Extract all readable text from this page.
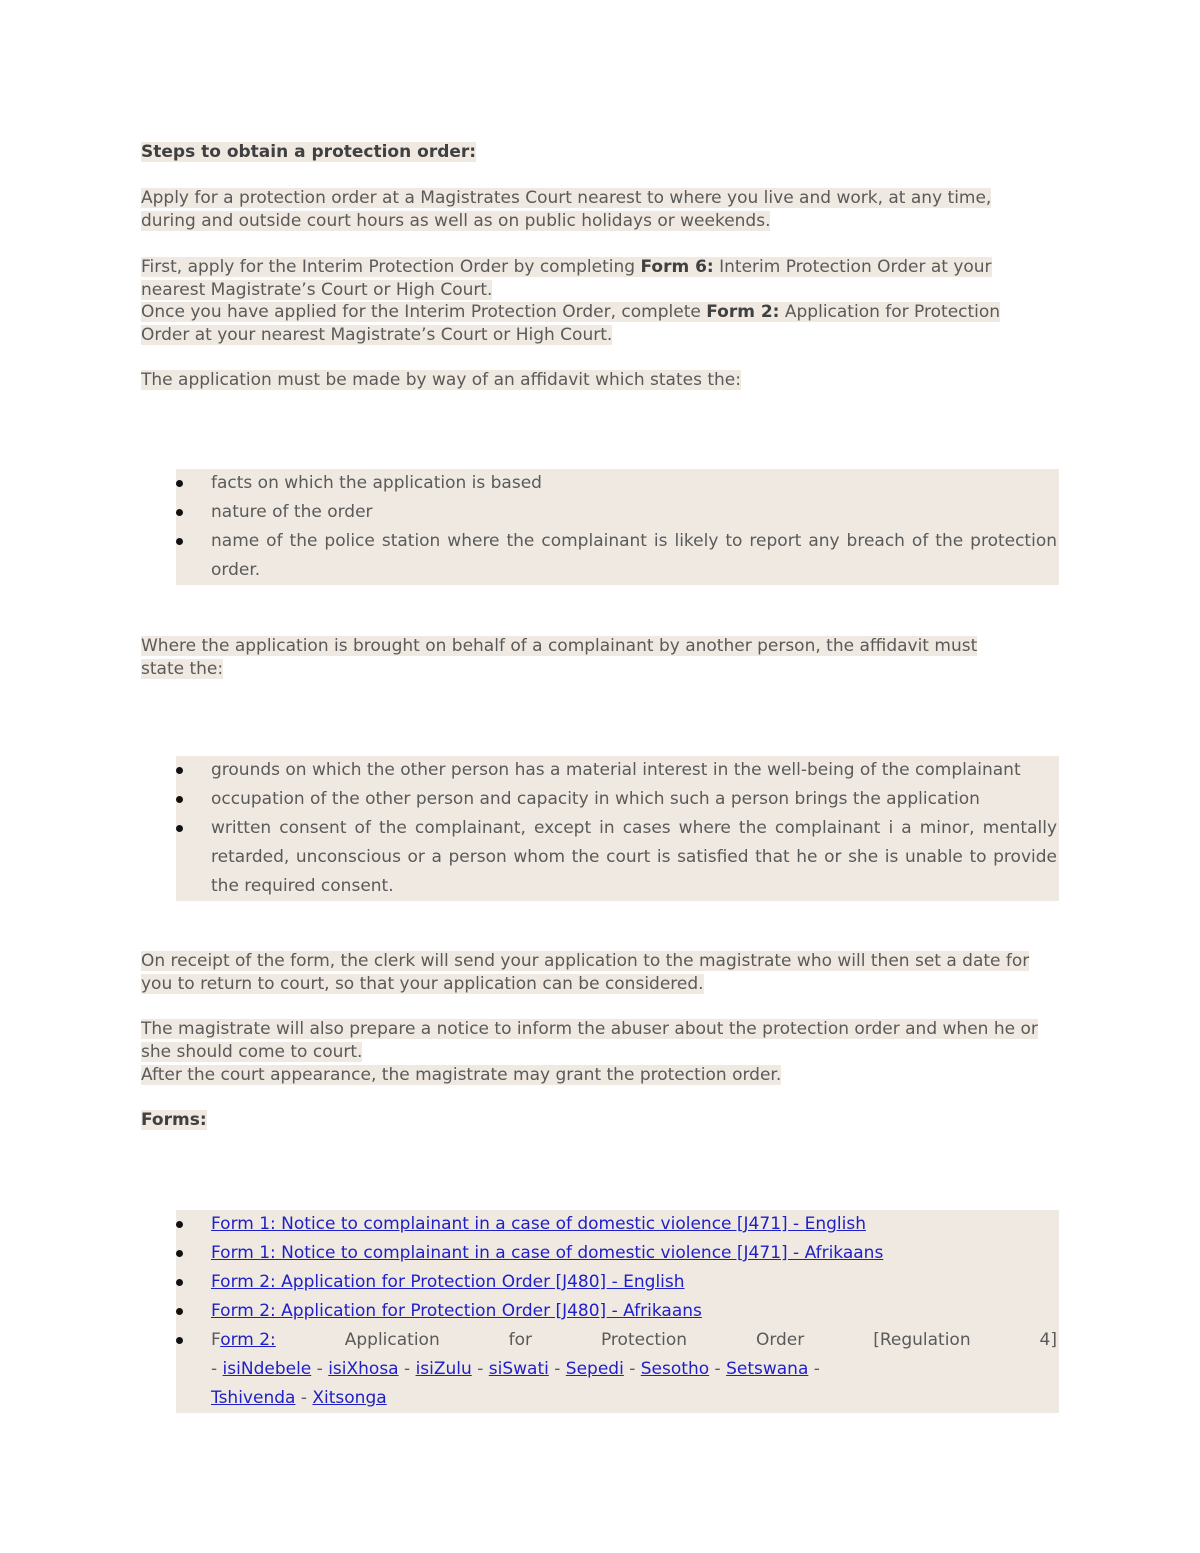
Steps to obtain a protection order:

Apply for a protection order at a Magistrates Court nearest to where you live and work, at any time, during and outside court hours as well as on public holidays or weekends.

First, apply for the Interim Protection Order by completing Form 6: Interim Protection Order at your nearest Magistrate’s Court or High Court.

Once you have applied for the Interim Protection Order, complete Form 2: Application for Protection Order at your nearest Magistrate’s Court or High Court.

The application must be made by way of an affidavit which states the:

facts on which the application is based
nature of the order
name of the police station where the complainant is likely to report any breach of the protection order.

Where the application is brought on behalf of a complainant by another person, the affidavit must state the:

grounds on which the other person has a material interest in the well-being of the complainant
occupation of the other person and capacity in which such a person brings the application
written consent of the complainant, except in cases where the complainant i a minor, mentally retarded, unconscious or a person whom the court is satisfied that he or she is unable to provide the required consent.

On receipt of the form, the clerk will send your application to the magistrate who will then set a date for you to return to court, so that your application can be considered.

The magistrate will also prepare a notice to inform the abuser about the protection order and when he or she should come to court.
After the court appearance, the magistrate may grant the protection order.

Forms:

Form 1: Notice to complainant in a case of domestic violence [J471] - English
Form 1: Notice to complainant in a case of domestic violence [J471] - Afrikaans
Form 2: Application for Protection Order [J480] - English
Form 2: Application for Protection Order [J480] - Afrikaans
Form 2:	Application	for	Protection	Order	[Regulation	4]
- isiNdebele - isiXhosa - isiZulu - siSwati - Sepedi - Sesotho - Setswana -
Tshivenda - Xitsonga
